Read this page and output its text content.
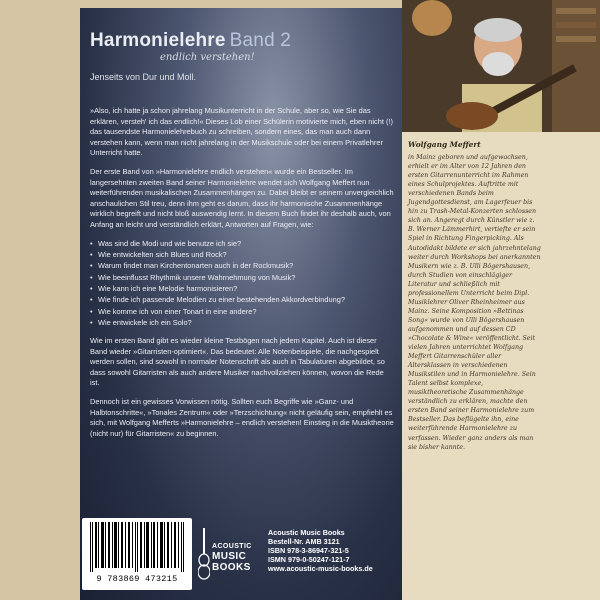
Harmonielehre Band 2
endlich verstehen!
Jenseits von Dur und Moll.

»Also, ich hatte ja schon jahrelang Musikunterricht in der Schule, aber so, wie Sie das erklären, versteh' ich das endlich!« Dieses Lob einer Schülerin motivierte mich, eben nicht (!) das tausendste Harmonielehrebuch zu schreiben, sondern eines, das man auch dann verstehen kann, wenn man nicht jahrelang in der Musikschule oder bei einem Privatlehrer Unterricht hatte.

Der erste Band von »Harmonielehre endlich verstehen« wurde ein Bestseller. Im langersehnten zweiten Band seiner Harmonielehre wendet sich Wolfgang Meffert nun weiterführenden musikalischen Zusammenhängen zu. Dabei bleibt er seinem unvergleichlich anschaulichen Stil treu, denn ihm geht es darum, dass ihr harmonische Zusammenhänge wirklich begreift und nicht bloß auswendig lernt. In diesem Buch findet ihr deshalb auch, von Anfang an leicht und verständlich erklärt, Antworten auf Fragen, wie:

• Was sind die Modi und wie benutze ich sie?
• Wie entwickelten sich Blues und Rock?
• Warum findet man Kirchentonarten auch in der Rockmusik?
• Wie beeinflusst Rhythmik unsere Wahrnehmung von Musik?
• Wie kann ich eine Melodie harmonisieren?
• Wie finde ich passende Melodien zu einer bestehenden Akkordverbindung?
• Wie komme ich von einer Tonart in eine andere?
• Wie entwickele ich ein Solo?

Wie im ersten Band gibt es wieder kleine Testbögen nach jedem Kapitel. Auch ist dieser Band wieder »Gitarristen-optimiert«. Das bedeutet: Alle Notenbeispiele, die nachgespielt werden sollen, sind sowohl in normaler Notenschrift als auch in Tabulaturen abgebildet, so dass sowohl Gitarristen als auch andere Musiker nachvollziehen können, wovon die Rede ist.

Dennoch ist ein gewisses Vorwissen nötig. Sollten euch Begriffe wie »Ganz- und Halbtonschritte«, »Tonales Zentrum« oder »Terzschichtung« nicht geläufig sein, empfiehlt es sich, mit Wolfgang Mefferts »Harmonielehre – endlich verstehen! Einstieg in die Musiktheorie (nicht nur) für Gitarristen« zu beginnen.

9 783869 473215
ACOUSTIC
MUSIC
BOOKS
Acoustic Music Books
Bestell-Nr. AMB 3121
ISBN 978-3-86947-321-5
ISMN 979-0-50247-121-7
www.acoustic-music-books.de
Wolfgang Meffert
in Mainz geboren und aufgewachsen, erhielt er im Alter von 12 Jahren den ersten Gitarrenunterricht im Rahmen eines Schulprojektes. Auftritte mit verschiedenen Bands beim Jugendgottesdienst, am Lagerfeuer bis hin zu Trash-Metal-Konzerten schlossen sich an. Angeregt durch Künstler wie z. B. Werner Lämmerhirt, vertiefte er sein Spiel in Richtung Fingerpicking. Als Autodidakt bildete er sich jahrzehntelang weiter durch Workshops bei anerkannten Musikern wie z. B. Ulli Bögershausen, durch Studien von einschlägiger Literatur und schließlich mit professionellem Unterricht beim Dipl. Musiklehrer Oliver Rheinheimer aus Mainz. Seine Komposition »Bettinas Song« wurde von Ulli Bögershausen aufgenommen und auf dessen CD »Chocolate & Wine« veröffentlicht. Seit vielen Jahren unterrichtet Wolfgang Meffert Gitarrenschüler aller Altersklassen in verschiedenen Musikstilen und in Harmonielehre. Sein Talent selbst komplexe, musiktheoretische Zusammenhänge verständlich zu erklären, machte den ersten Band seiner Harmonielehre zum Bestseller. Das beflügelte ihn, eine weiterführende Harmonielehre zu verfassen. Wieder ganz anders als man sie bisher kannte.
